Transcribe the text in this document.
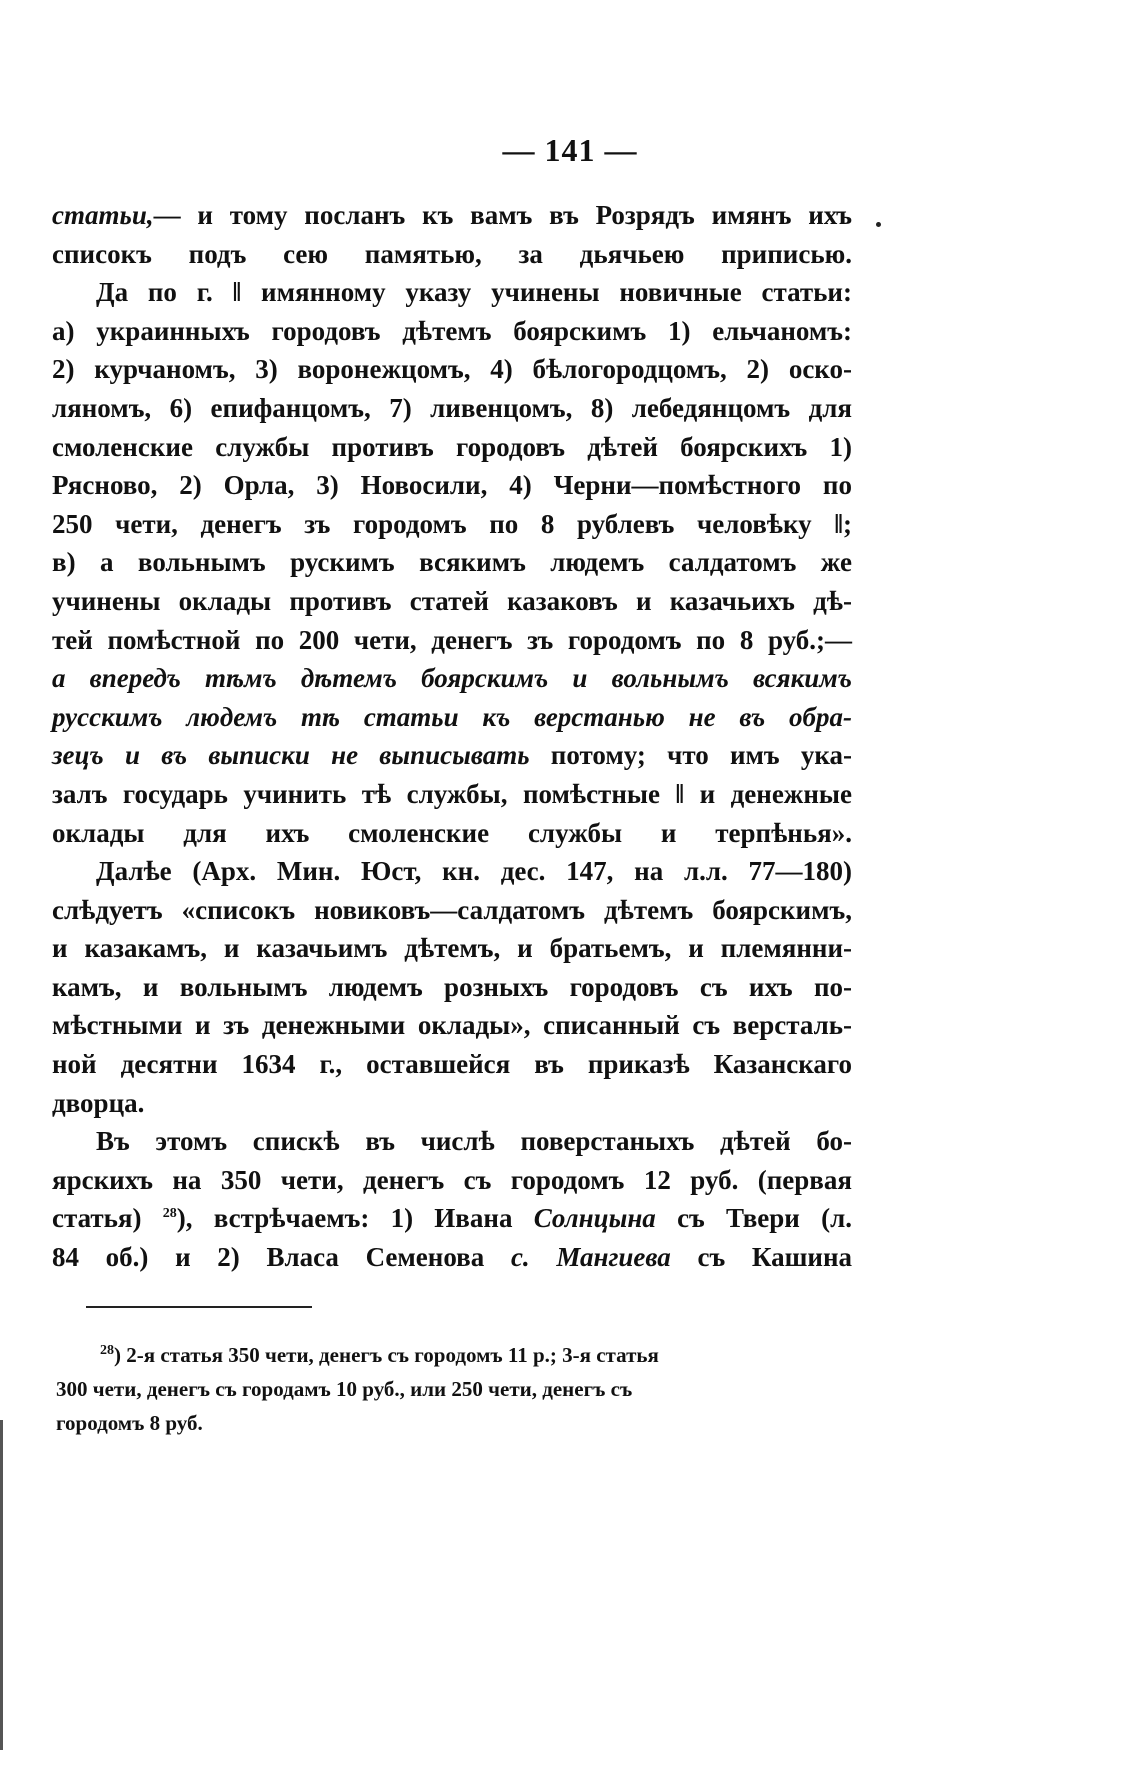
— 141 —

статьи,— и тому посланъ къ вамъ въ Розрядъ имянъ ихъ
списокъ подъ сею памятью, за дьячьею приписью.

Да по г. ‖ имянному указу учинены новичные статьи:
а) украинныхъ городовъ дѣтемъ боярскимъ 1) ельчаномъ:
2) курчаномъ, 3) воронежцомъ, 4) бѣлогородцомъ, 2) оско-
ляномъ, 6) епифанцомъ, 7) ливенцомъ, 8) лебедянцомъ для
смоленские службы противъ городовъ дѣтей боярскихъ 1)
Рясново, 2) Орла, 3) Новосили, 4) Черни—помѣстного по
250 чети, денегъ зъ городомъ по 8 рублевъ человѣку ‖;
в) а вольнымъ рускимъ всякимъ людемъ салдатомъ же
учинены оклады противъ статей казаковъ и казачьихъ дѣ-
тей помѣстной по 200 чети, денегъ зъ городомъ по 8 руб.;—
а впередъ тѣмъ дѣтемъ боярскимъ и вольнымъ всякимъ
русскимъ людемъ тѣ статьи къ верстанью не въ обра-
зецъ и въ выписки не выписывать потому; что имъ ука-
залъ государь учинить тѣ службы, помѣстные ‖ и денежные
оклады для ихъ смоленские службы и терпѣнья».

Далѣе (Арх. Мин. Юст, кн. дес. 147, на л.л. 77—180)
слѣдуетъ «списокъ новиковъ—салдатомъ дѣтемъ боярскимъ,
и казакамъ, и казачьимъ дѣтемъ, и братьемъ, и племянни-
камъ, и вольнымъ людемъ розныхъ городовъ съ ихъ по-
мѣстными и зъ денежными оклады», списанный съ версталь-
ной десятни 1634 г., оставшейся въ приказѣ Казанскаго
дворца.

Въ этомъ спискѣ въ числѣ поверстаныхъ дѣтей бо-
ярскихъ на 350 чети, денегъ съ городомъ 12 руб. (первая
статья) $^{28}$), встрѣчаемъ: 1) Ивана Солнцына съ Твери (л.
84 об.) и 2) Власа Семенова с. Мангиева съ Кашина

$^{28}$) 2-я статья 350 чети, денегъ съ городомъ 11 р.; 3-я статья
300 чети, денегъ съ городамъ 10 руб., или 250 чети, денегъ съ
городомъ 8 руб.
